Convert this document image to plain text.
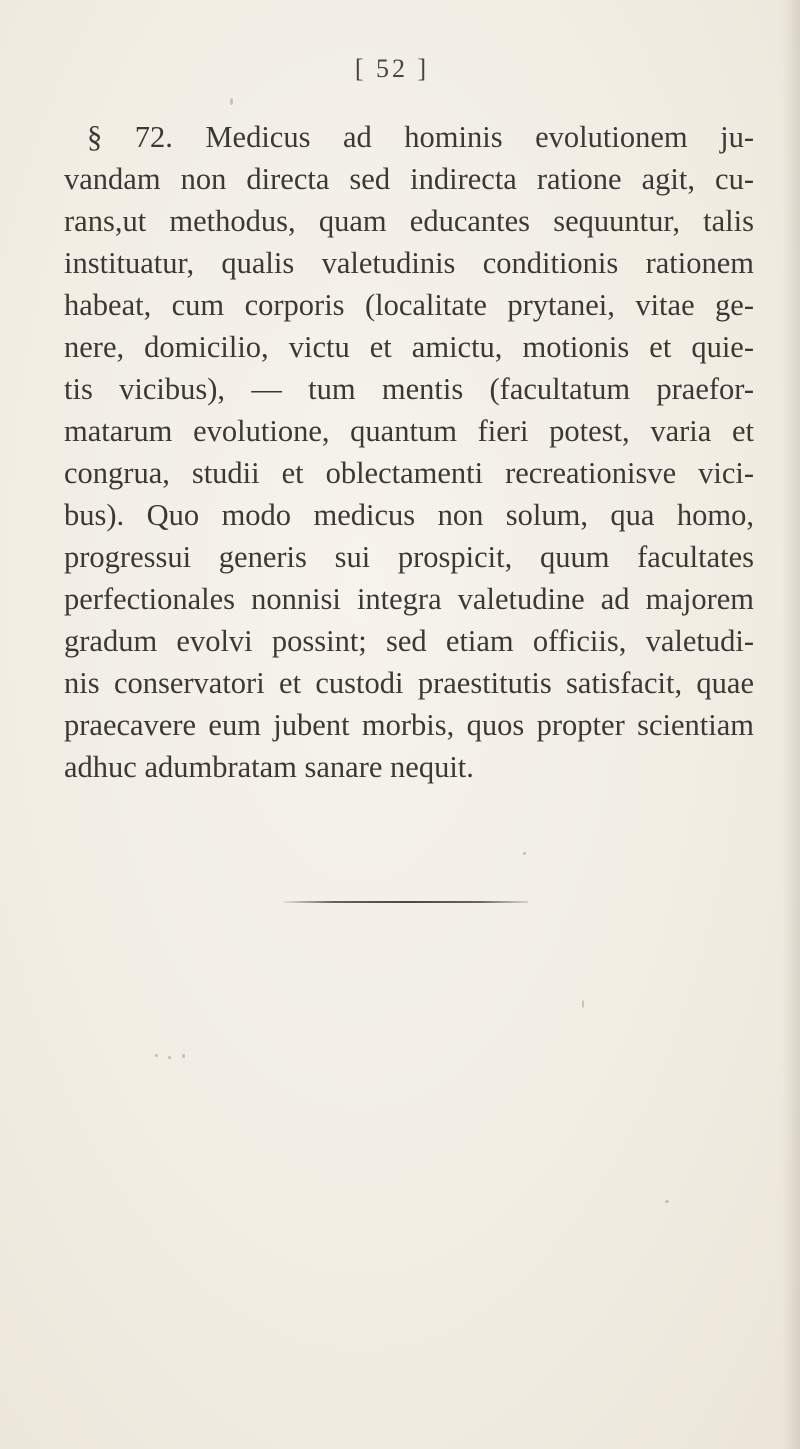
[ 52 ]
§ 72. Medicus ad hominis evolutionem ju-
vandam non directa sed indirecta ratione agit, cu-
rans,ut methodus, quam educantes sequuntur, talis
instituatur, qualis valetudinis conditionis rationem
habeat, cum corporis (localitate prytanei, vitae ge-
nere, domicilio, victu et amictu, motionis et quie-
tis vicibus), — tum mentis (facultatum praefor-
matarum evolutione, quantum fieri potest, varia et
congrua, studii et oblectamenti recreationisve vici-
bus). Quo modo medicus non solum, qua homo,
progressui generis sui prospicit, quum facultates
perfectionales nonnisi integra valetudine ad majorem
gradum evolvi possint; sed etiam officiis, valetudi-
nis conservatori et custodi praestitutis satisfacit, quae
praecavere eum jubent morbis, quos propter scientiam
adhuc adumbratam sanare nequit.
